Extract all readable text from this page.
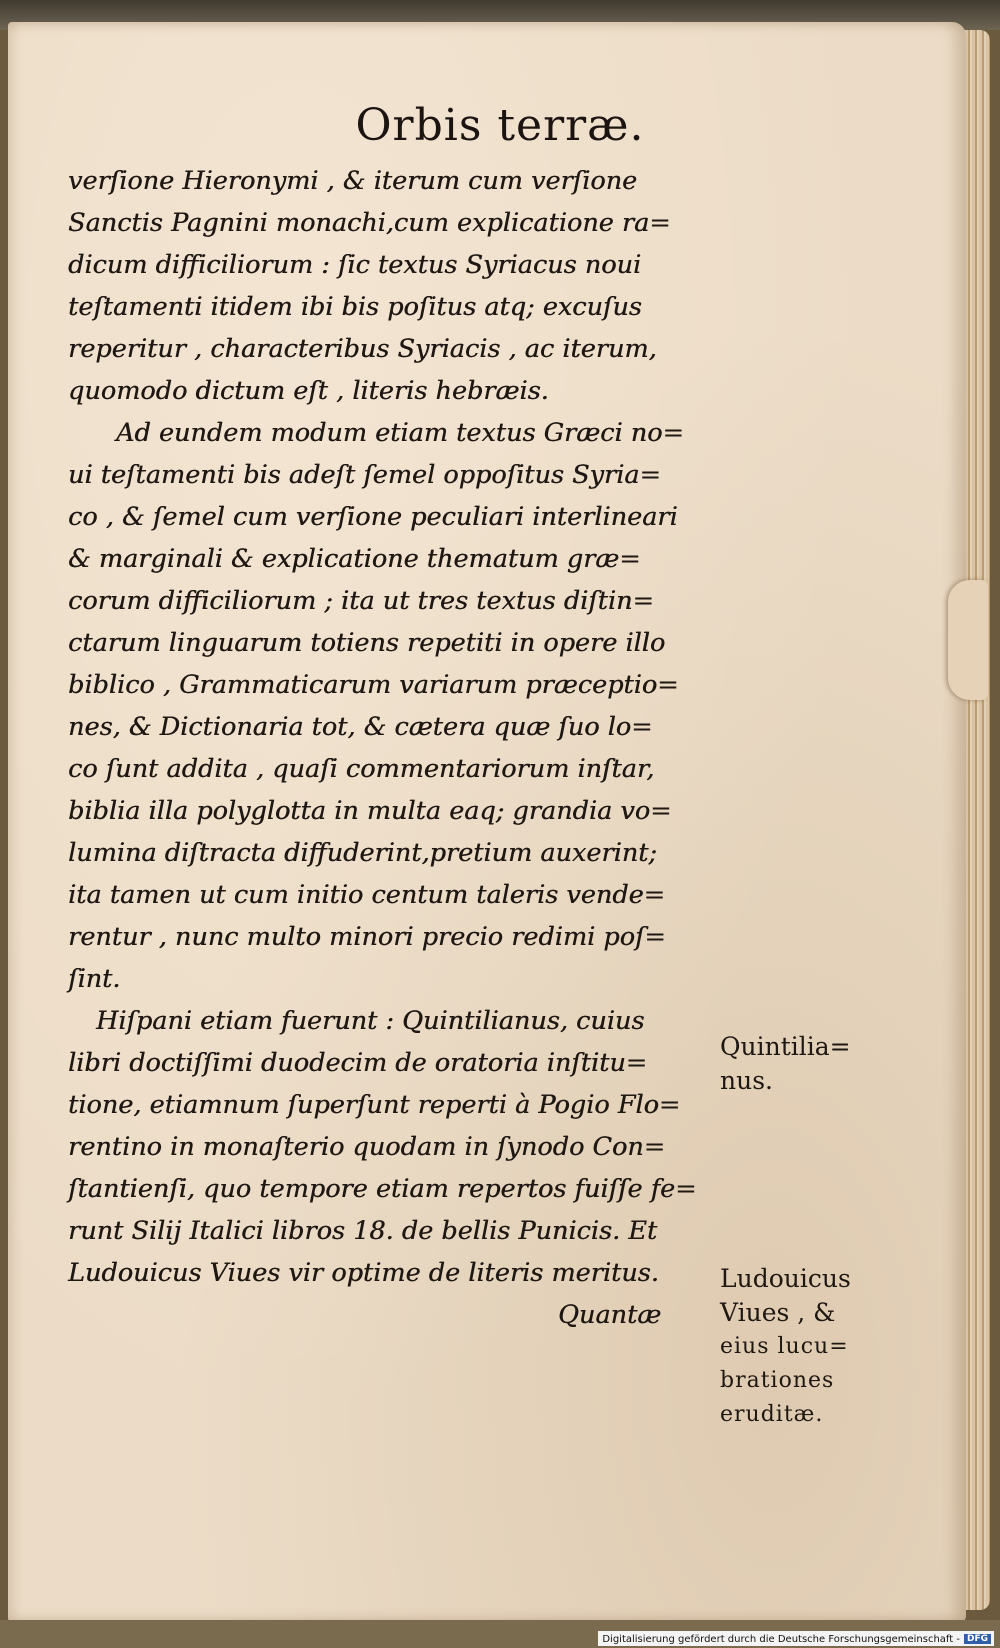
Orbis terræ.
verſione Hieronymi , & iterum cum verſione
Sanctis Pagnini monachi,cum explicatione ra=
dicum difficiliorum : ſic textus Syriacus noui
teſtamenti itidem ibi bis poſitus atq; excuſus
reperitur , characteribus Syriacis , ac iterum,
quomodo dictum eſt , literis hebræis.
Ad eundem modum etiam textus Græci no=
ui teſtamenti bis adeſt ſemel oppoſitus Syria=
co , & ſemel cum verſione peculiari interlineari
& marginali & explicatione thematum græ=
corum difficiliorum ; ita ut tres textus diſtin=
ctarum linguarum totiens repetiti in opere illo
biblico , Grammaticarum variarum præceptio=
nes, & Dictionaria tot, & cætera quæ ſuo lo=
co ſunt addita , quaſi commentariorum inſtar,
biblia illa polyglotta in multa eaq; grandia vo=
lumina diſtracta diffuderint,pretium auxerint;
ita tamen ut cum initio centum taleris vende=
rentur , nunc multo minori precio redimi poſ=
ſint.
Hiſpani etiam fuerunt : Quintilianus, cuius
libri doctiſſimi duodecim de oratoria inſtitu=
tione, etiamnum ſuperſunt reperti à Pogio Flo=
rentino in monaſterio quodam in ſynodo Con=
ſtantienſi, quo tempore etiam repertos fuiſſe fe=
runt Silij Italici libros 18. de bellis Punicis. Et
Ludouicus Viues vir optime de literis meritus.
Quantæ
Quintilia=
nus.
Ludouicus
Viues , &
eius lucu=
brationes
eruditæ.
Digitalisierung gefördert durch die Deutsche Forschungsgemeinschaft - DFG
